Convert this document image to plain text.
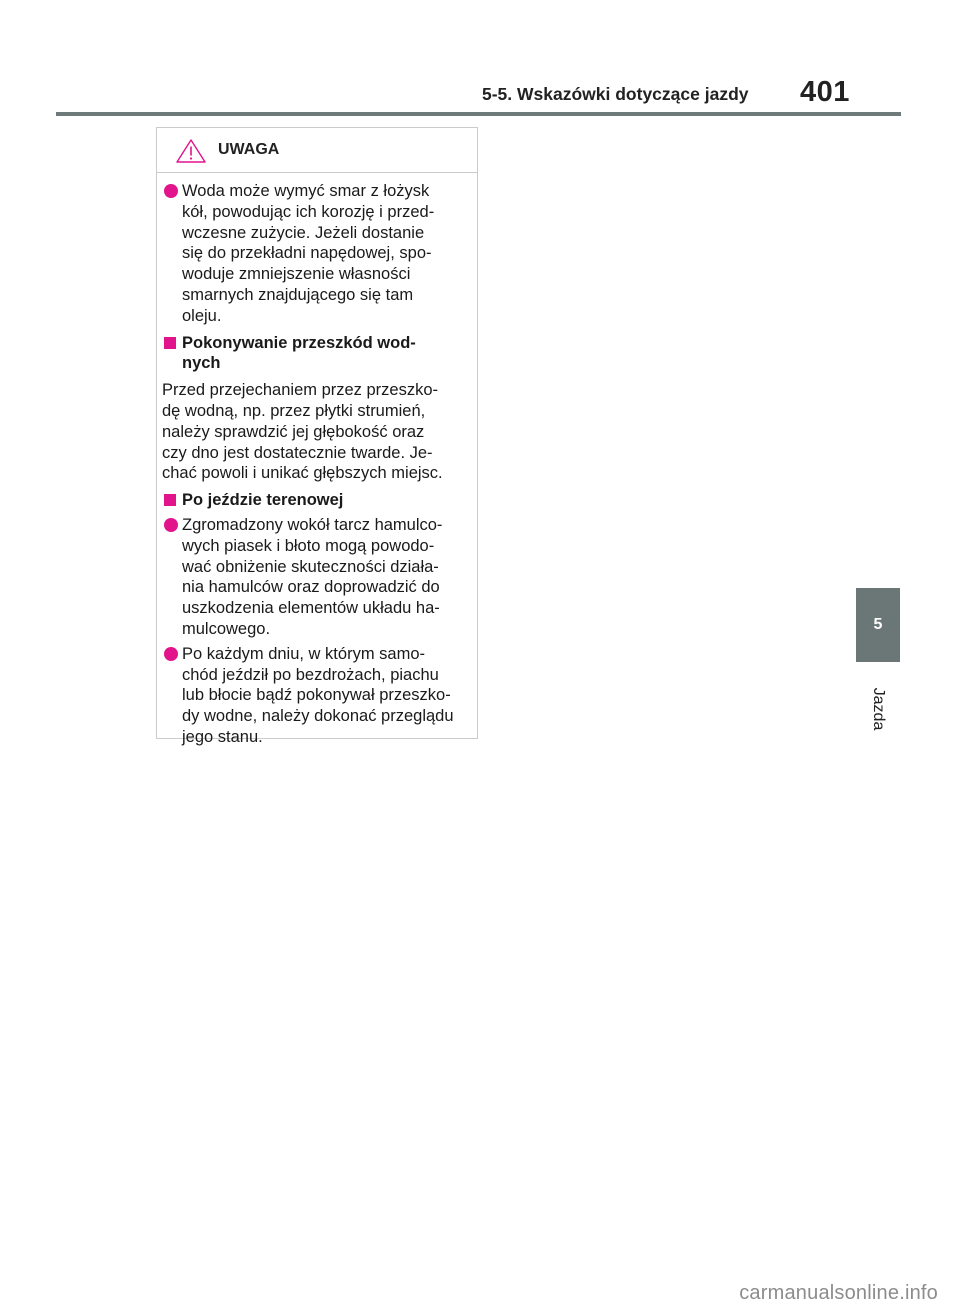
5-5. Wskazówki dotyczące jazdy 401
5
Jazda
UWAGA
Woda może wymyć smar z łożysk
kół, powodując ich korozję i przed-
wczesne zużycie. Jeżeli dostanie
się do przekładni napędowej, spo-
woduje zmniejszenie własności
smarnych znajdującego się tam
oleju.
Pokonywanie przeszkód wod-
nych
Przed przejechaniem przez przeszko-
dę wodną, np. przez płytki strumień,
należy sprawdzić jej głębokość oraz
czy dno jest dostatecznie twarde. Je-
chać powoli i unikać głębszych miejsc.
Po jeździe terenowej
Zgromadzony wokół tarcz hamulco-
wych piasek i błoto mogą powodo-
wać obniżenie skuteczności działa-
nia hamulców oraz doprowadzić do
uszkodzenia elementów układu ha-
mulcowego.
Po każdym dniu, w którym samo-
chód jeździł po bezdrożach, piachu
lub błocie bądź pokonywał przeszko-
dy wodne, należy dokonać przeglądu
jego stanu.
carmanualsonline.info
